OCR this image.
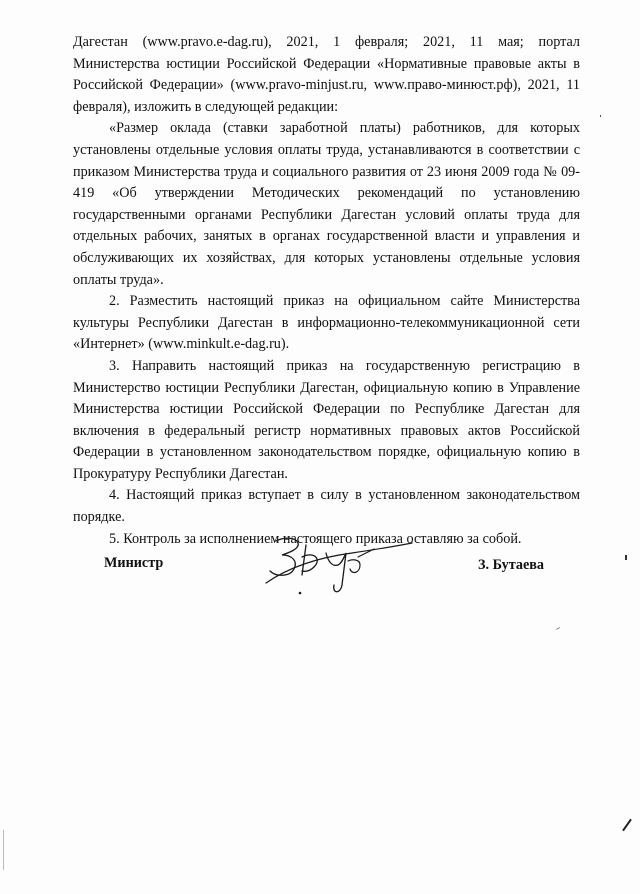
Дагестан (www.pravo.e-dag.ru), 2021, 1 февраля; 2021, 11 мая; портал Министерства юстиции Российской Федерации «Нормативные правовые акты в Российской Федерации» (www.pravo-minjust.ru, www.право-минюст.рф), 2021, 11 февраля), изложить в следующей редакции:

«Размер оклада (ставки заработной платы) работников, для которых установлены отдельные условия оплаты труда, устанавливаются в соответствии с приказом Министерства труда и социального развития от 23 июня 2009 года № 09-419 «Об утверждении Методических рекомендаций по установлению государственными органами Республики Дагестан условий оплаты труда для отдельных рабочих, занятых в органах государственной власти и управления и обслуживающих их хозяйствах, для которых установлены отдельные условия оплаты труда».

2. Разместить настоящий приказ на официальном сайте Министерства культуры Республики Дагестан в информационно-телекоммуникационной сети «Интернет» (www.minkult.e-dag.ru).

3. Направить настоящий приказ на государственную регистрацию в Министерство юстиции Республики Дагестан, официальную копию в Управление Министерства юстиции Российской Федерации по Республике Дагестан для включения в федеральный регистр нормативных правовых актов Российской Федерации в установленном законодательством порядке, официальную копию в Прокуратуру Республики Дагестан.

4. Настоящий приказ вступает в силу в установленном законодательством порядке.

5. Контроль за исполнением настоящего приказа оставляю за собой.

Министр	З. Бутаева
